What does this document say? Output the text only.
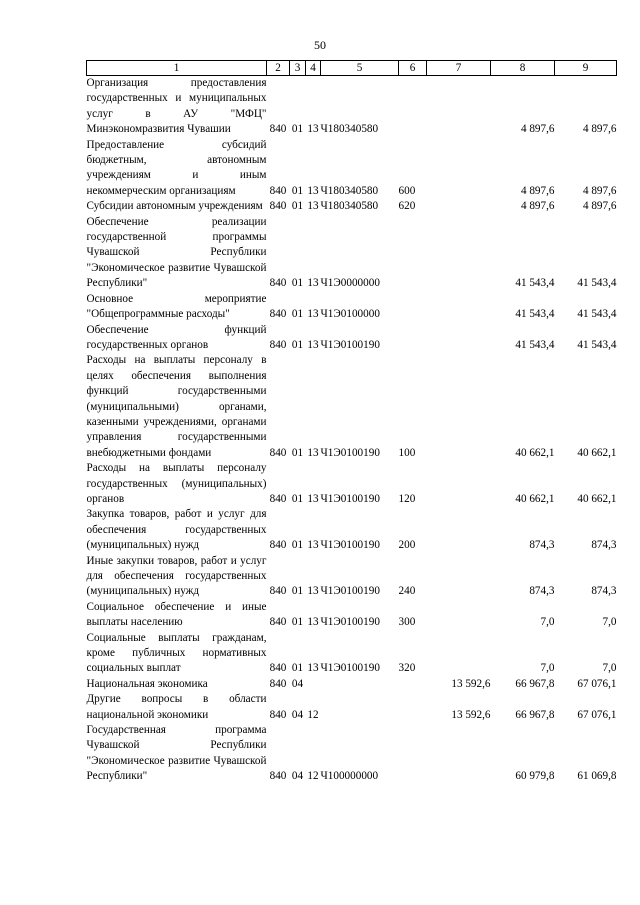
50
1	2	3	4	5	6	7	8	9
Организация предоставления государственных и муниципальных услуг в АУ "МФЦ" Минэкономразвития Чувашии	840	01	13	Ч180340580			4 897,6	4 897,6
Предоставление субсидий бюджетным, автономным учреждениям и иным некоммерческим организациям	840	01	13	Ч180340580	600		4 897,6	4 897,6
Субсидии автономным учреждениям	840	01	13	Ч180340580	620		4 897,6	4 897,6
Обеспечение реализации государственной программы Чувашской Республики "Экономическое развитие Чувашской Республики"	840	01	13	Ч1Э0000000			41 543,4	41 543,4
Основное мероприятие "Общепрограммные расходы"	840	01	13	Ч1Э0100000			41 543,4	41 543,4
Обеспечение функций государственных органов	840	01	13	Ч1Э0100190			41 543,4	41 543,4
Расходы на выплаты персоналу в целях обеспечения выполнения функций государственными (муниципальными) органами, казенными учреждениями, органами управления государственными внебюджетными фондами	840	01	13	Ч1Э0100190	100		40 662,1	40 662,1
Расходы на выплаты персоналу государственных (муниципальных) органов	840	01	13	Ч1Э0100190	120		40 662,1	40 662,1
Закупка товаров, работ и услуг для обеспечения государственных (муниципальных) нужд	840	01	13	Ч1Э0100190	200		874,3	874,3
Иные закупки товаров, работ и услуг для обеспечения государственных (муниципальных) нужд	840	01	13	Ч1Э0100190	240		874,3	874,3
Социальное обеспечение и иные выплаты населению	840	01	13	Ч1Э0100190	300		7,0	7,0
Социальные выплаты гражданам, кроме публичных нормативных социальных выплат	840	01	13	Ч1Э0100190	320		7,0	7,0
Национальная экономика	840	04				13 592,6	66 967,8	67 076,1
Другие вопросы в области национальной экономики	840	04	12			13 592,6	66 967,8	67 076,1
Государственная программа Чувашской Республики "Экономическое развитие Чувашской Республики"	840	04	12	Ч100000000			60 979,8	61 069,8
